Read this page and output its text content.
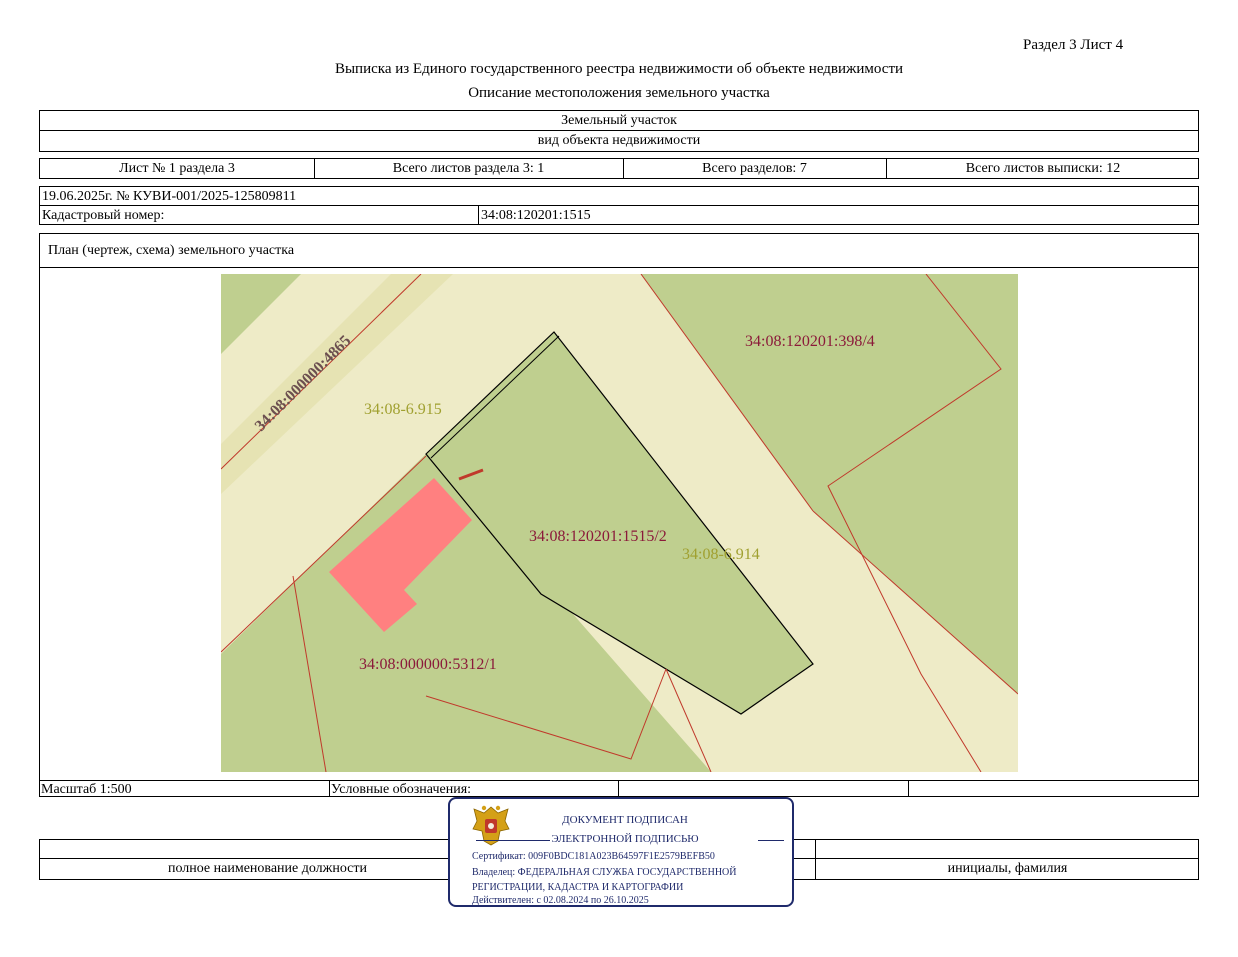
Раздел 3 Лист 4
Выписка из Единого государственного реестра недвижимости об объекте недвижимости
Описание местоположения земельного участка
Земельный участок
вид объекта недвижимости
Лист № 1 раздела 3	Всего листов раздела 3: 1	Всего разделов: 7	Всего листов выписки: 12
19.06.2025г. № КУВИ-001/2025-125809811
Кадастровый номер:	34:08:120201:1515
План (чертеж, схема) земельного участка
Масштаб 1:500	Условные обозначения:
34:08:000000:4865 34:08-6.915
34:08:120201:398/4
34:08:120201:1515/2
34:08-6.914
34:08:000000:5312/1
полное наименование должности	инициалы, фамилия
ДОКУМЕНТ ПОДПИСАН
ЭЛЕКТРОННОЙ ПОДПИСЬЮ
Сертификат: 009F0BDC181A023B64597F1E2579BEFB50
Владелец: ФЕДЕРАЛЬНАЯ СЛУЖБА ГОСУДАРСТВЕННОЙ
РЕГИСТРАЦИИ, КАДАСТРА И КАРТОГРАФИИ
Действителен: с 02.08.2024 по 26.10.2025
